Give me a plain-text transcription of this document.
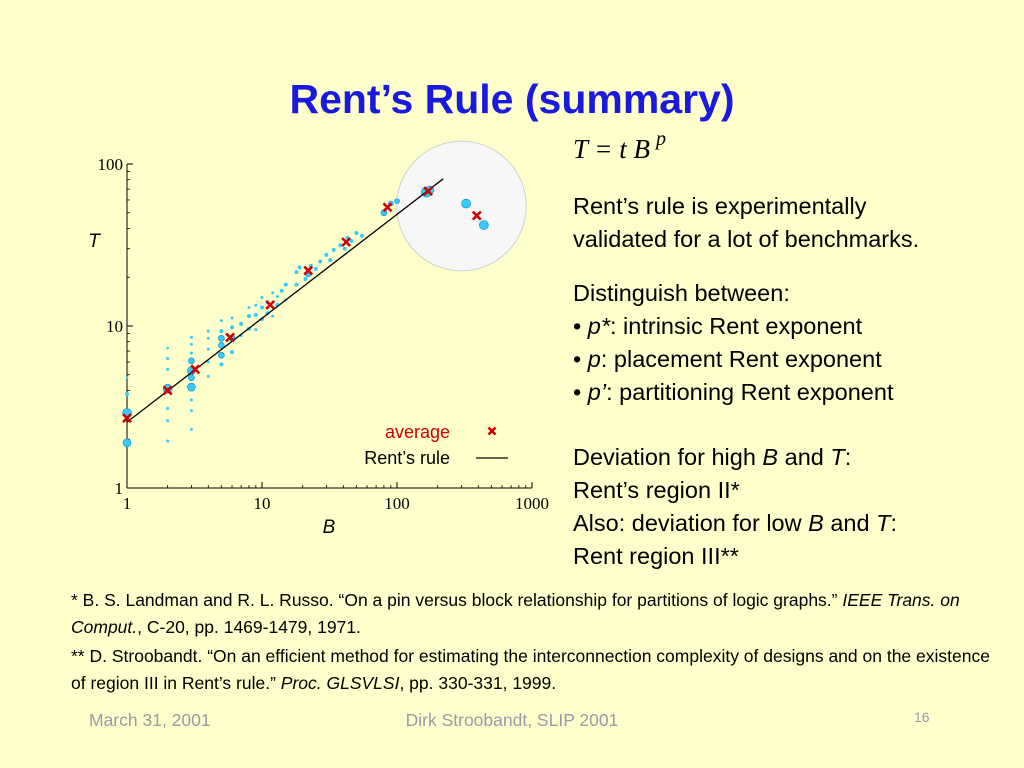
Rent’s Rule (summary)
1	10	100	1000
1
10
100
B
T
average
Rent’s rule
T = t B $^p$
Rent’s rule is experimentally
validated for a lot of benchmarks.
Distinguish between:
• p*: intrinsic Rent exponent
• p: placement Rent exponent
• p’: partitioning Rent exponent
Deviation for high B and T:
Rent’s region II*
Also: deviation for low B and T:
Rent region III**
* B. S. Landman and R. L. Russo. “On a pin versus block relationship for partitions of logic graphs.” IEEE Trans. on Comput., C-20, pp. 1469-1479, 1971.
** D. Stroobandt. “On an efficient method for estimating the interconnection complexity of designs and on the existence of region III in Rent’s rule.” Proc. GLSVLSI, pp. 330-331, 1999.
March 31, 2001	Dirk Stroobandt, SLIP 2001	16
